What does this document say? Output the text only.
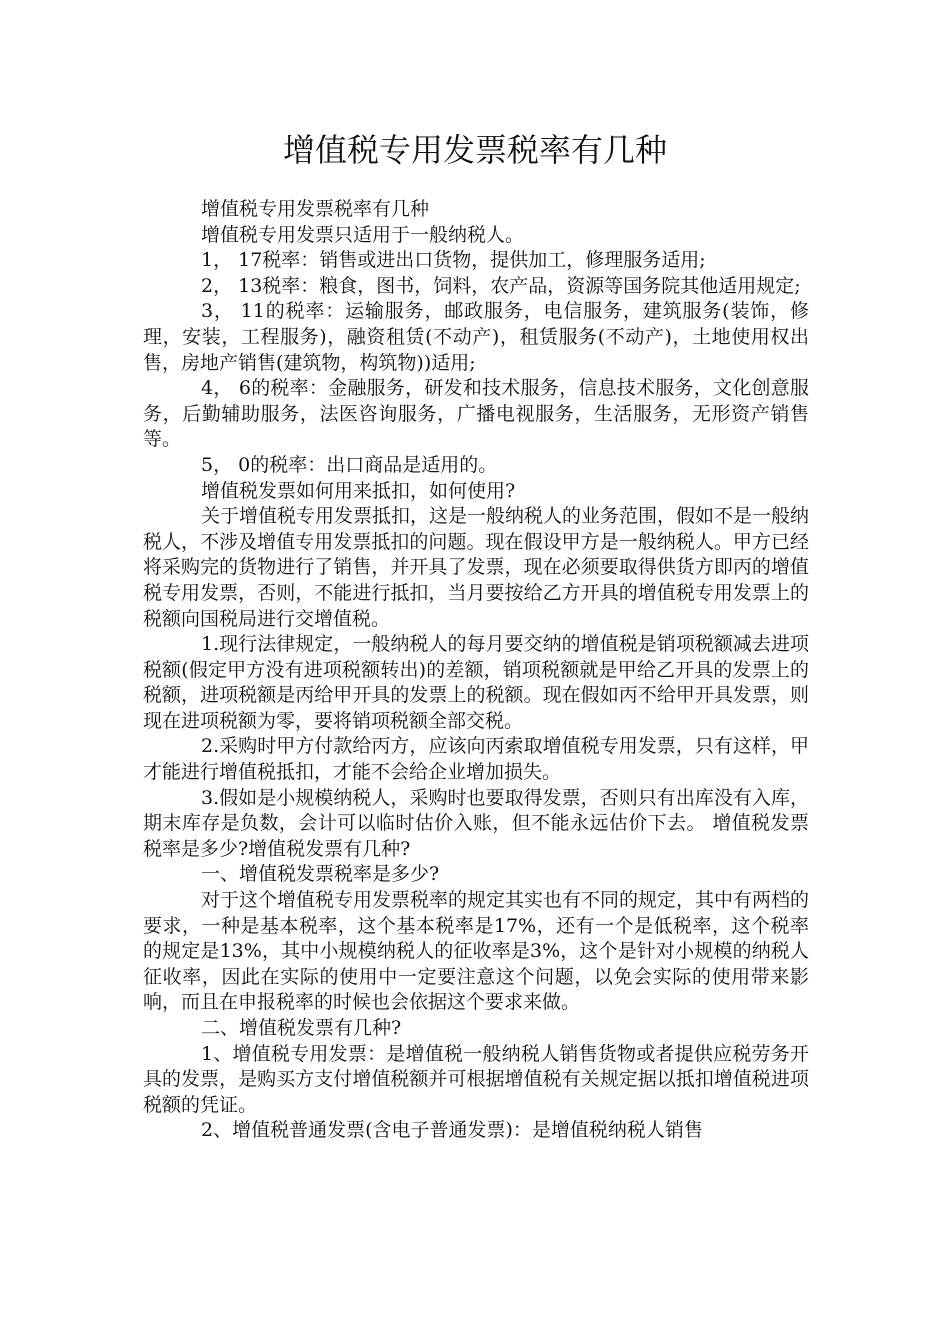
增值税专用发票税率有几种

增值税专用发票税率有几种

增值税专用发票只适用于一般纳税人。

1， 17税率：销售或进出口货物，提供加工，修理服务适用;

2， 13税率：粮食，图书，饲料，农产品，资源等国务院其他适用规定;

3， 11的税率：运输服务，邮政服务，电信服务，建筑服务(装饰，修理，安装，工程服务)，融资租赁(不动产)，租赁服务(不动产)，土地使用权出售，房地产销售(建筑物，构筑物))适用;

4， 6的税率：金融服务，研发和技术服务，信息技术服务，文化创意服务，后勤辅助服务，法医咨询服务，广播电视服务，生活服务，无形资产销售等。

5， 0的税率：出口商品是适用的。

增值税发票如何用来抵扣，如何使用?

关于增值税专用发票抵扣，这是一般纳税人的业务范围，假如不是一般纳税人，不涉及增值专用发票抵扣的问题。现在假设甲方是一般纳税人。甲方已经将采购完的货物进行了销售，并开具了发票，现在必须要取得供货方即丙的增值税专用发票，否则，不能进行抵扣，当月要按给乙方开具的增值税专用发票上的税额向国税局进行交增值税。

1.现行法律规定，一般纳税人的每月要交纳的增值税是销项税额减去进项税额(假定甲方没有进项税额转出)的差额，销项税额就是甲给乙开具的发票上的税额，进项税额是丙给甲开具的发票上的税额。现在假如丙不给甲开具发票，则现在进项税额为零，要将销项税额全部交税。

2.采购时甲方付款给丙方，应该向丙索取增值税专用发票，只有这样，甲才能进行增值税抵扣，才能不会给企业增加损失。

3.假如是小规模纳税人，采购时也要取得发票，否则只有出库没有入库，期末库存是负数，会计可以临时估价入账，但不能永远估价下去。 增值税发票税率是多少?增值税发票有几种?

一、增值税发票税率是多少?

对于这个增值税专用发票税率的规定其实也有不同的规定，其中有两档的要求，一种是基本税率，这个基本税率是17%，还有一个是低税率，这个税率的规定是13%，其中小规模纳税人的征收率是3%，这个是针对小规模的纳税人征收率，因此在实际的使用中一定要注意这个问题，以免会实际的使用带来影响，而且在申报税率的时候也会依据这个要求来做。

二、增值税发票有几种?

1、增值税专用发票：是增值税一般纳税人销售货物或者提供应税劳务开具的发票，是购买方支付增值税额并可根据增值税有关规定据以抵扣增值税进项税额的凭证。

2、增值税普通发票(含电子普通发票)：是增值税纳税人销售
